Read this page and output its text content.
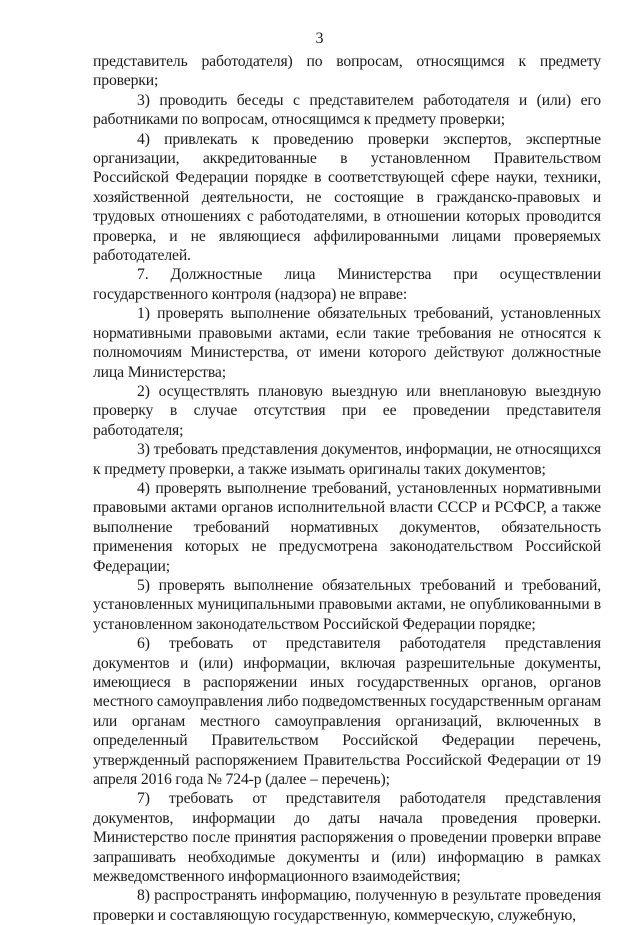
3

представитель работодателя) по вопросам, относящимся к предмету проверки;

3) проводить беседы с представителем работодателя и (или) его работниками по вопросам, относящимся к предмету проверки;

4) привлекать к проведению проверки экспертов, экспертные организации, аккредитованные в установленном Правительством Российской Федерации порядке в соответствующей сфере науки, техники, хозяйственной деятельности, не состоящие в гражданско-правовых и трудовых отношениях с работодателями, в отношении которых проводится проверка, и не являющиеся аффилированными лицами проверяемых работодателей.

7. Должностные лица Министерства при осуществлении государственного контроля (надзора) не вправе:

1) проверять выполнение обязательных требований, установленных нормативными правовыми актами, если такие требования не относятся к полномочиям Министерства, от имени которого действуют должностные лица Министерства;

2) осуществлять плановую выездную или внеплановую выездную проверку в случае отсутствия при ее проведении представителя работодателя;

3) требовать представления документов, информации, не относящихся к предмету проверки, а также изымать оригиналы таких документов;

4) проверять выполнение требований, установленных нормативными правовыми актами органов исполнительной власти СССР и РСФСР, а также выполнение требований нормативных документов, обязательность применения которых не предусмотрена законодательством Российской Федерации;

5) проверять выполнение обязательных требований и требований, установленных муниципальными правовыми актами, не опубликованными в установленном законодательством Российской Федерации порядке;

6) требовать от представителя работодателя представления документов и (или) информации, включая разрешительные документы, имеющиеся в распоряжении иных государственных органов, органов местного самоуправления либо подведомственных государственным органам или органам местного самоуправления организаций, включенных в определенный Правительством Российской Федерации перечень, утвержденный распоряжением Правительства Российской Федерации от 19 апреля 2016 года № 724-р (далее – перечень);

7) требовать от представителя работодателя представления документов, информации до даты начала проведения проверки. Министерство после принятия распоряжения о проведении проверки вправе запрашивать необходимые документы и (или) информацию в рамках межведомственного информационного взаимодействия;

8) распространять информацию, полученную в результате проведения проверки и составляющую государственную, коммерческую, служебную,
